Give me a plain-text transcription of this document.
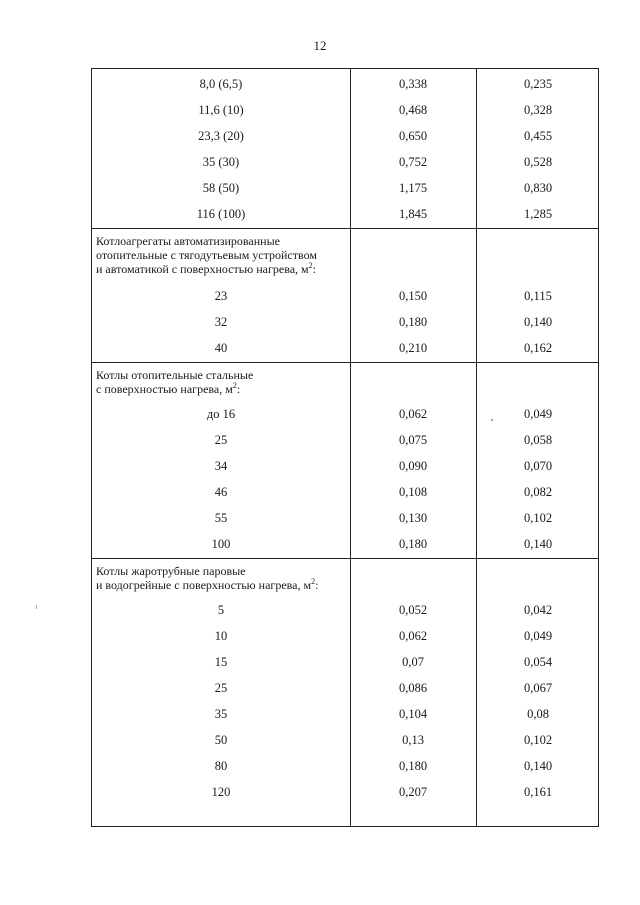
12
8,0 (6,5)	0,338	0,235
11,6 (10)	0,468	0,328
23,3 (20)	0,650	0,455
35 (30)	0,752	0,528
58 (50)	1,175	0,830
116 (100)	1,845	1,285
Котлоагрегаты автоматизированные
отопительные с тягодутьевым устройством
и автоматикой с поверхностью нагрева, $м^2$:
23	0,150	0,115
32	0,180	0,140
40	0,210	0,162
Котлы отопительные стальные
с поверхностью нагрева, $м^2$:
до 16	0,062	0,049
25	0,075	0,058
34	0,090	0,070
46	0,108	0,082
55	0,130	0,102
100	0,180	0,140
Котлы жаротрубные паровые
и водогрейные с поверхностью нагрева, $м^2$:
5	0,052	0,042
10	0,062	0,049
15	0,07	0,054
25	0,086	0,067
35	0,104	0,08
50	0,13	0,102
80	0,180	0,140
120	0,207	0,161
